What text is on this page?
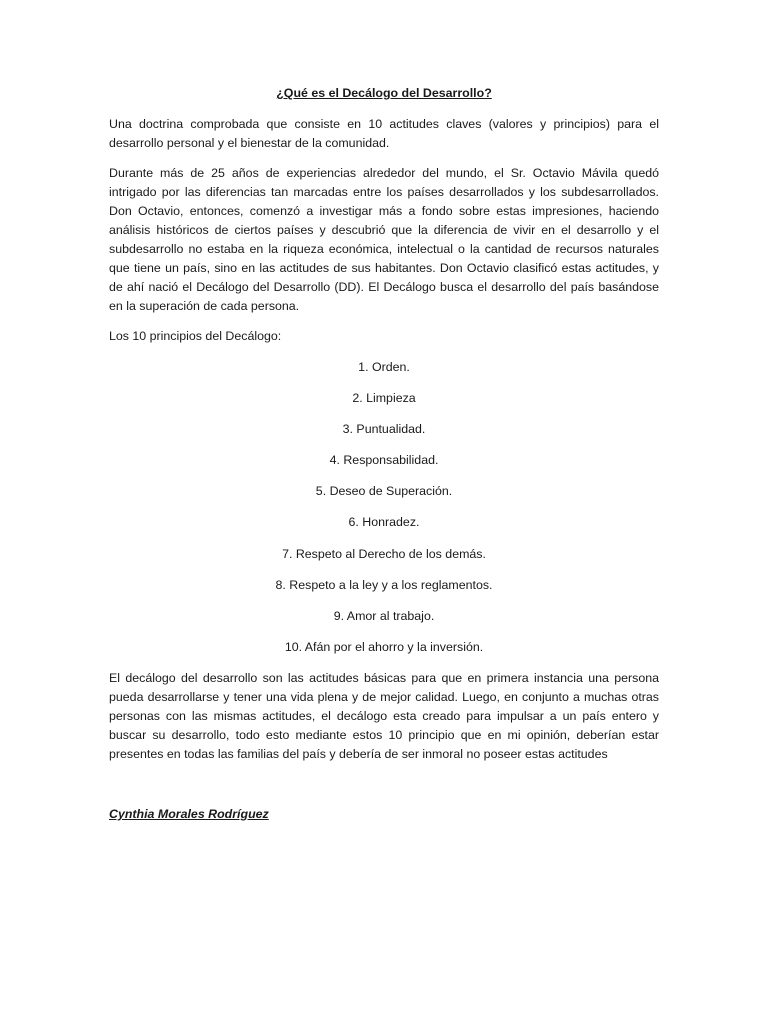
¿Qué es el Decálogo del Desarrollo?

Una doctrina comprobada que consiste en 10 actitudes claves (valores y principios) para el desarrollo personal y el bienestar de la comunidad.

Durante más de 25 años de experiencias alrededor del mundo, el Sr. Octavio Mávila quedó intrigado por las diferencias tan marcadas entre los países desarrollados y los subdesarrollados. Don Octavio, entonces, comenzó a investigar más a fondo sobre estas impresiones, haciendo análisis históricos de ciertos países y descubrió que la diferencia de vivir en el desarrollo y el subdesarrollo no estaba en la riqueza económica, intelectual o la cantidad de recursos naturales que tiene un país, sino en las actitudes de sus habitantes. Don Octavio clasificó estas actitudes, y de ahí nació el Decálogo del Desarrollo (DD). El Decálogo busca el desarrollo del país basándose en la superación de cada persona.

Los 10 principios del Decálogo:

1. Orden.
2. Limpieza
3. Puntualidad.
4. Responsabilidad.
5. Deseo de Superación.
6. Honradez.
7. Respeto al Derecho de los demás.
8. Respeto a la ley y a los reglamentos.
9. Amor al trabajo.
10. Afán por el ahorro y la inversión.

El decálogo del desarrollo son las actitudes básicas para que en primera instancia una persona pueda desarrollarse y tener una vida plena y de mejor calidad. Luego, en conjunto a muchas otras personas con las mismas actitudes, el decálogo esta creado para impulsar a un país entero y buscar su desarrollo, todo esto mediante estos 10 principio que en mi opinión, deberían estar presentes en todas las familias del país y debería de ser inmoral no poseer estas actitudes

Cynthia Morales Rodríguez
